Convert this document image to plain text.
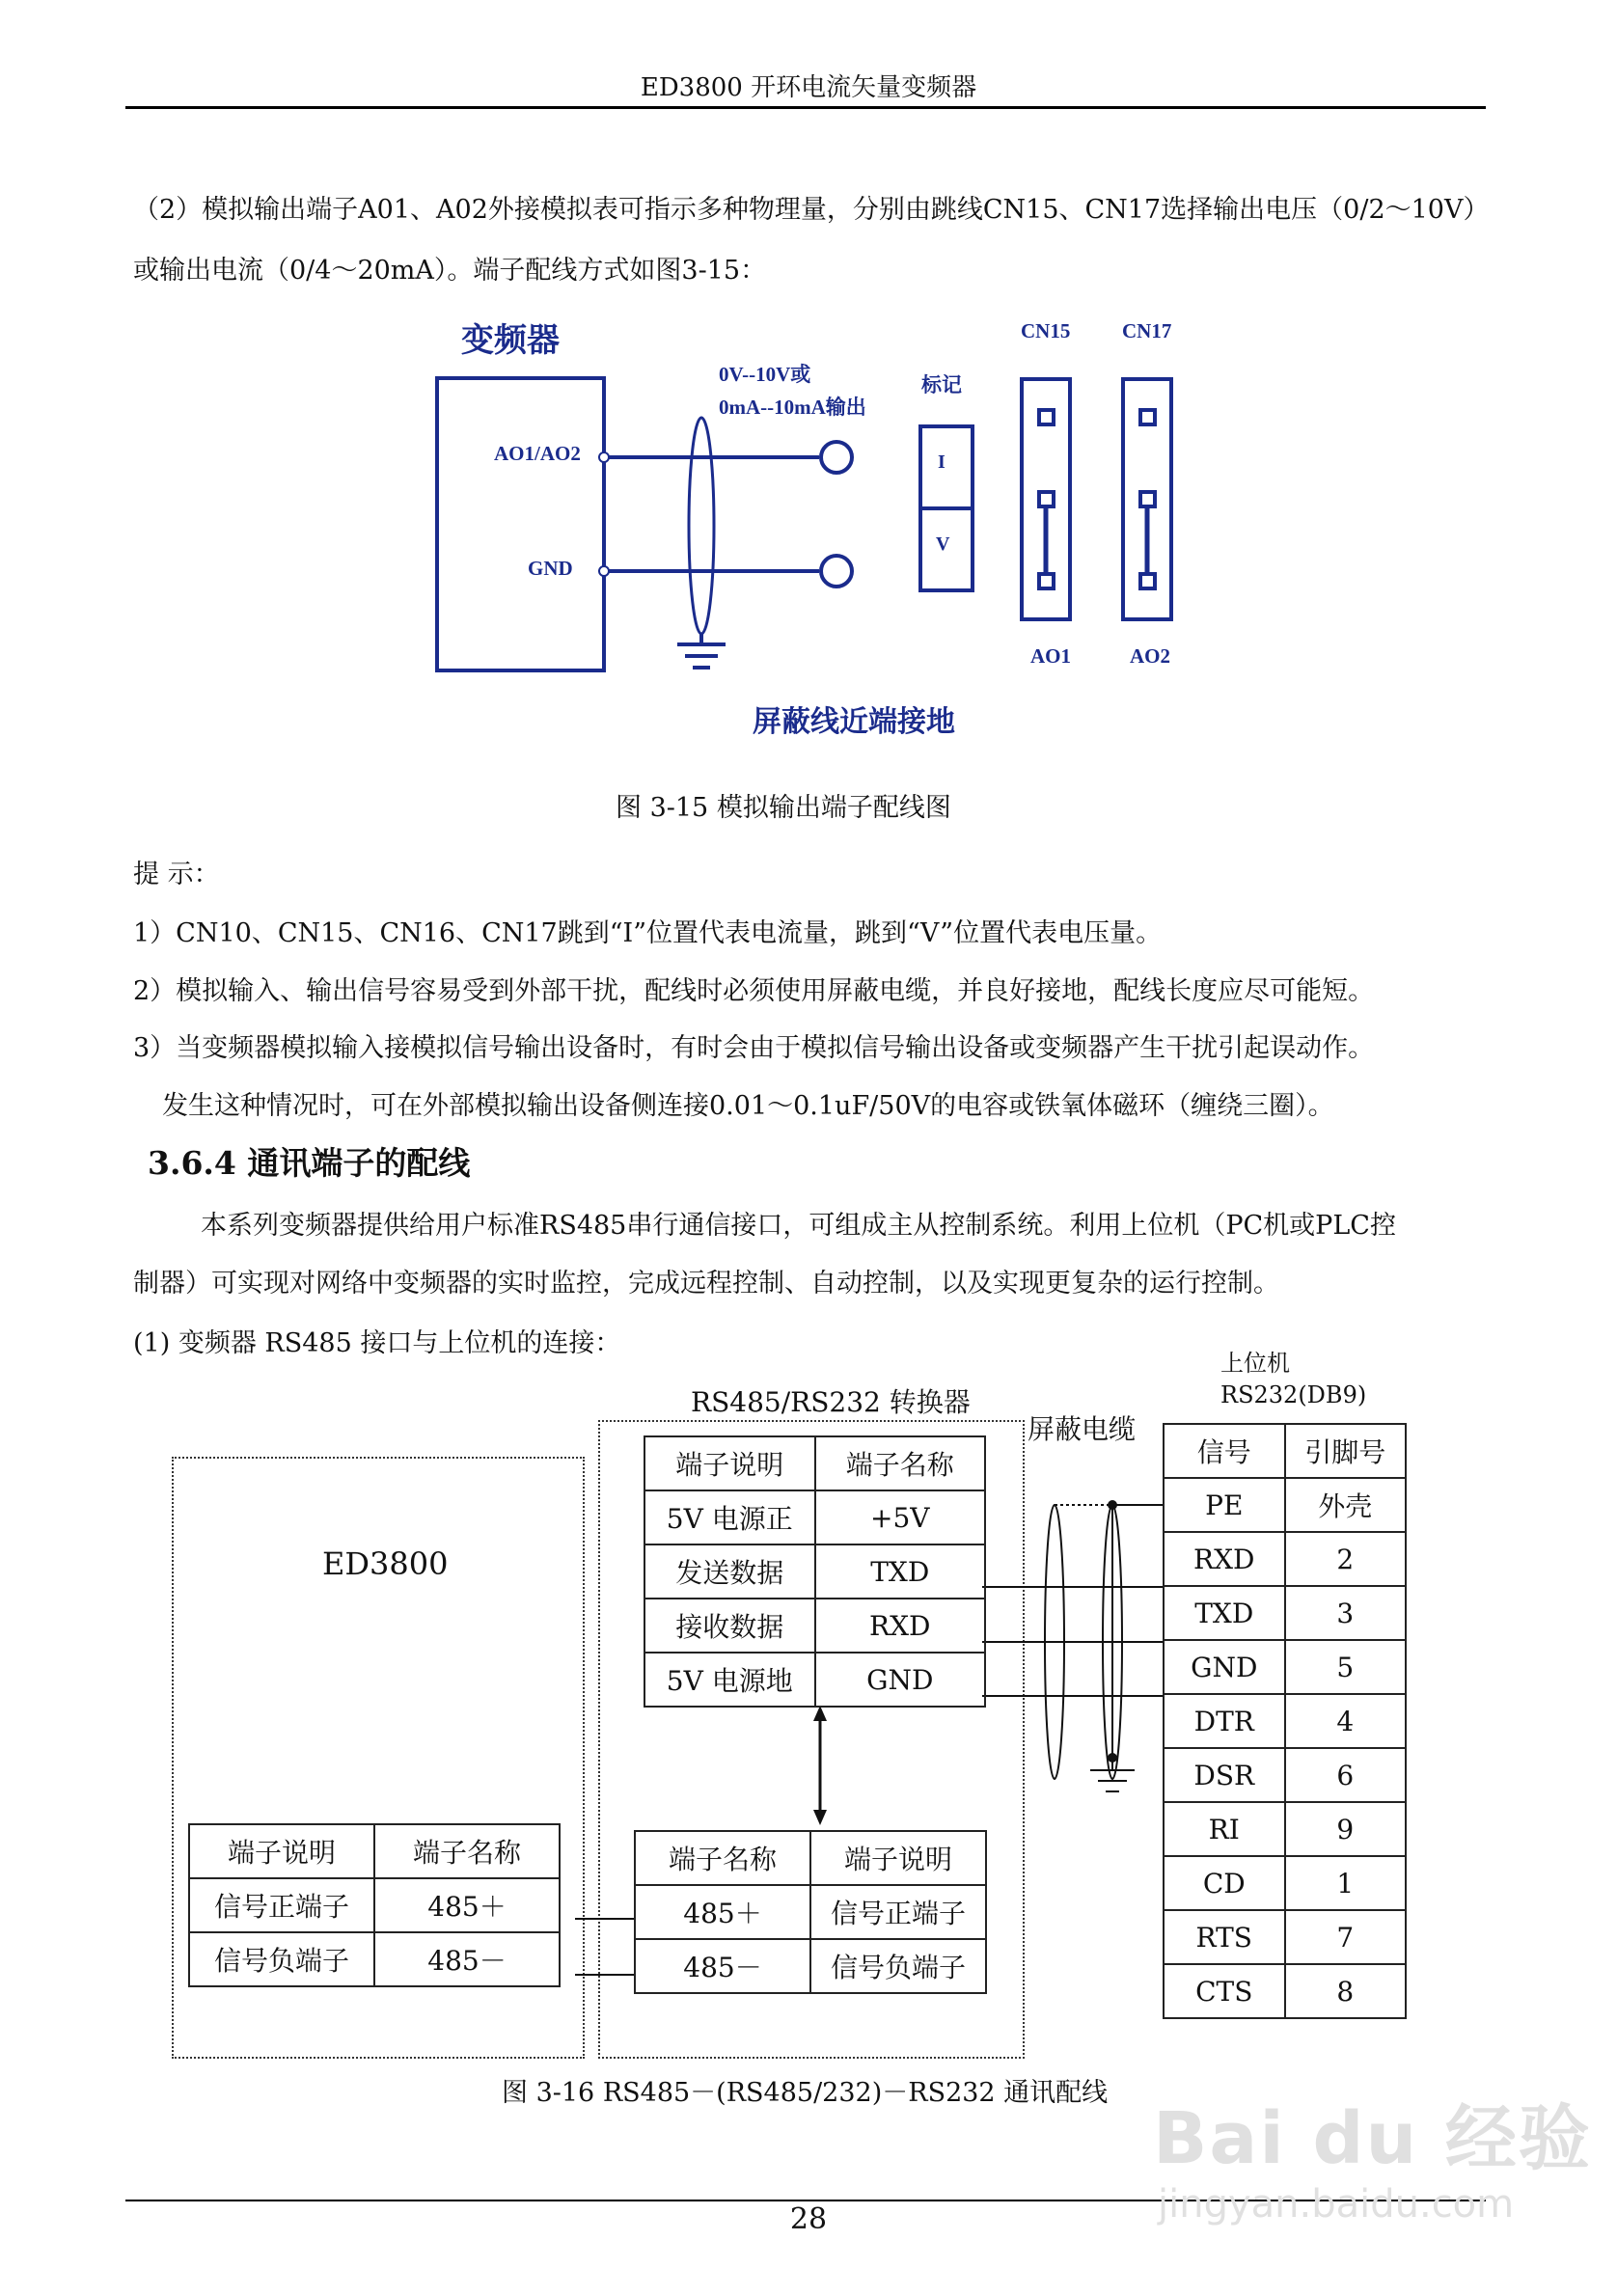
ED3800 开环电流矢量变频器
（2）模拟输出端子A01、A02外接模拟表可指示多种物理量，分别由跳线CN15、CN17选择输出电压（0/2～10V）
或输出电流（0/4～20mA）。端子配线方式如图3-15：
变频器
0V--10V或
0mA--10mA输出
AO1/AO2
GND
标记
I
V
CN15	CN17
AO1	AO2
屏蔽线近端接地
图 3-15 模拟输出端子配线图
提 示：
1）CN10、CN15、CN16、CN17跳到“I”位置代表电流量，跳到“V”位置代表电压量。
2）模拟输入、输出信号容易受到外部干扰，配线时必须使用屏蔽电缆，并良好接地，配线长度应尽可能短。
3）当变频器模拟输入接模拟信号输出设备时，有时会由于模拟信号输出设备或变频器产生干扰引起误动作。
发生这种情况时，可在外部模拟输出设备侧连接0.01～0.1uF/50V的电容或铁氧体磁环（缠绕三圈）。
3.6.4 通讯端子的配线
本系列变频器提供给用户标准RS485串行通信接口，可组成主从控制系统。利用上位机（PC机或PLC控
制器）可实现对网络中变频器的实时监控，完成远程控制、自动控制，以及实现更复杂的运行控制。
(1) 变频器 RS485 接口与上位机的连接：
上位机
RS232(DB9)
RS485/RS232 转换器
屏蔽电缆
ED3800
端子说明	端子名称
5V 电源正	+5V
发送数据	TXD
接收数据	RXD
5V 电源地	GND
端子名称	端子说明
485＋	信号正端子
485－	信号负端子
端子说明	端子名称
信号正端子	485＋
信号负端子	485－
信号	引脚号
PE	外壳
RXD	2
TXD	3
GND	5
DTR	4
DSR	6
RI	9
CD	1
RTS	7
CTS	8
图 3-16 RS485－(RS485/232)－RS232 通讯配线
28
Bai du 经验
jingyan.baidu.com
